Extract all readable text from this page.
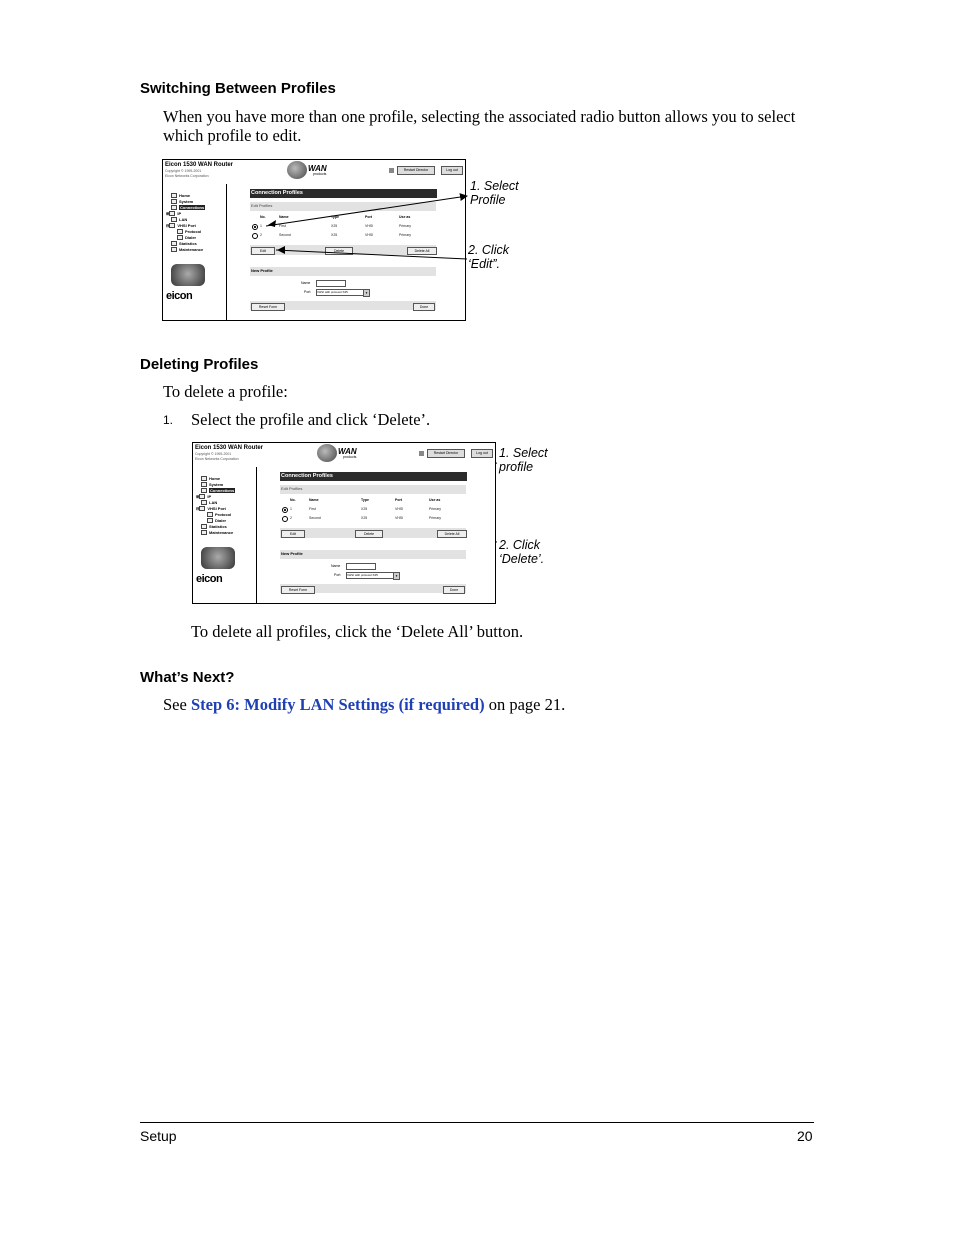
Switching Between Profiles
When you have more than one profile, selecting the associated radio button allows you to select
which profile to edit.
Eicon 1530 WAN Router
Copyright © 1995-2001
Eicon Networks Corporation
WAN
products
Restart Director	Log out
Home
System
Connections
⊞ IP
LAN
⊟ VHSI Port
Protocol
Dialer
Statistics
Maintenance
eicon
Connection Profiles
Edit Profiles
No.	Name	Type	Port	Use as
1	First	X25	VHSI	Primary
2	Second	X25	VHSI	Primary
Edit	Delete	Delete All
New Profile
Name
Port	VHSI with protocol X25	▾
Reset Form	Done
1. Select
Profile
2. Click
‘Edit”.
Deleting Profiles
To delete a profile:
1. Select the profile and click ‘Delete’.
Eicon 1530 WAN Router
Copyright © 1995-2001
Eicon Networks Corporation
WAN
products
Restart Director	Log out
Home
System
Connections
⊞ IP
LAN
⊟ VHSI Port
Protocol
Dialer
Statistics
Maintenance
eicon
Connection Profiles
Edit Profiles
No.	Name	Type	Port	Use as
1	First	X25	VHSI	Primary
2	Second	X25	VHSI	Primary
Edit	Delete	Delete All
New Profile
Name
Port	VHSI with protocol X25	▾
Reset Form	Done
1. Select
profile
2. Click
‘Delete’.
To delete all profiles, click the ‘Delete All’ button.
What’s Next?
See Step 6: Modify LAN Settings (if required) on page 21.
Setup	20
